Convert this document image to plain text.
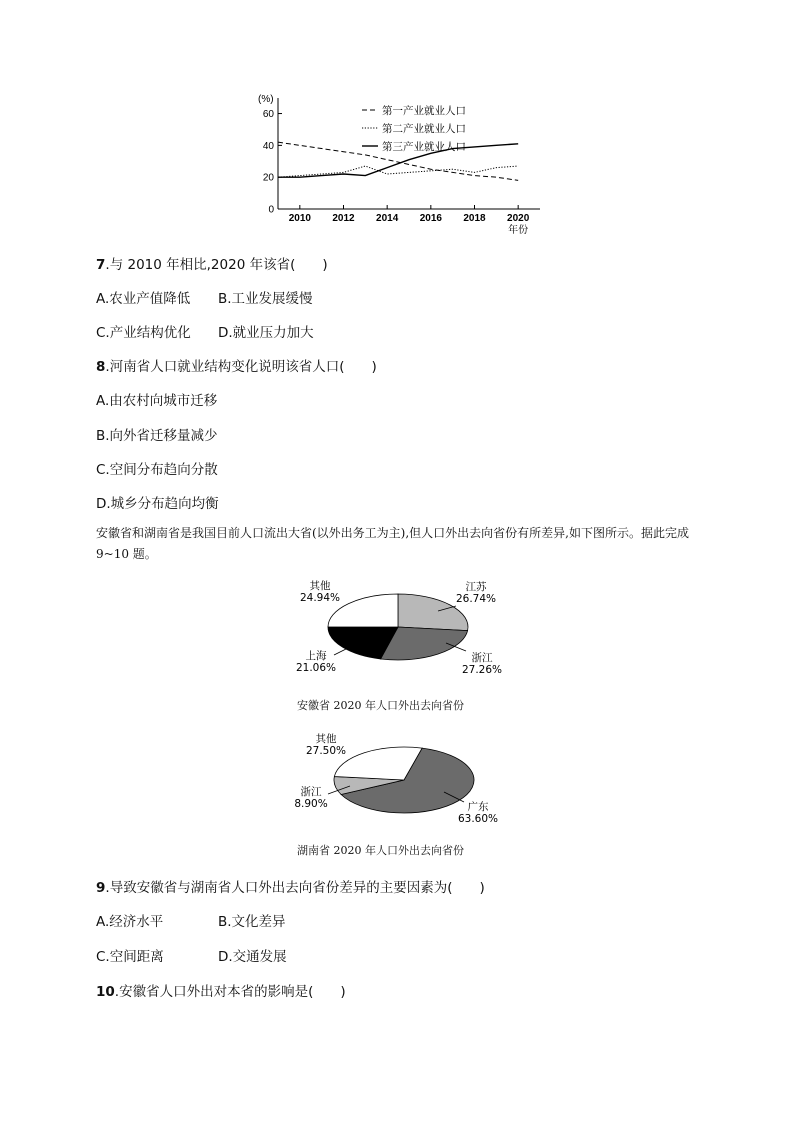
(%)
0
20
40
60
2010 2012 2014 2016 2018 2020
年份
第一产业就业人口
第二产业就业人口
第三产业就业人口
7.与 2010 年相比,2020 年该省(　　)
A.农业产值降低 B.工业发展缓慢
C.产业结构优化 D.就业压力加大
8.河南省人口就业结构变化说明该省人口(　　)
A.由农村向城市迁移
B.向外省迁移量减少
C.空间分布趋向分散
D.城乡分布趋向均衡
安徽省和湖南省是我国目前人口流出大省(以外出务工为主),但人口外出去向省份有所差异,如下图所示。据此完成 9~10 题。
江苏
26.74%
浙江
27.26%
上海
21.06%
其他
24.94%
安徽省 2020 年人口外出去向省份
广东
63.60%
浙江
8.90%
其他
27.50%
湖南省 2020 年人口外出去向省份
9.导致安徽省与湖南省人口外出去向省份差异的主要因素为(　　)
A.经济水平	B.文化差异
C.空间距离	D.交通发展
10.安徽省人口外出对本省的影响是(　　)
